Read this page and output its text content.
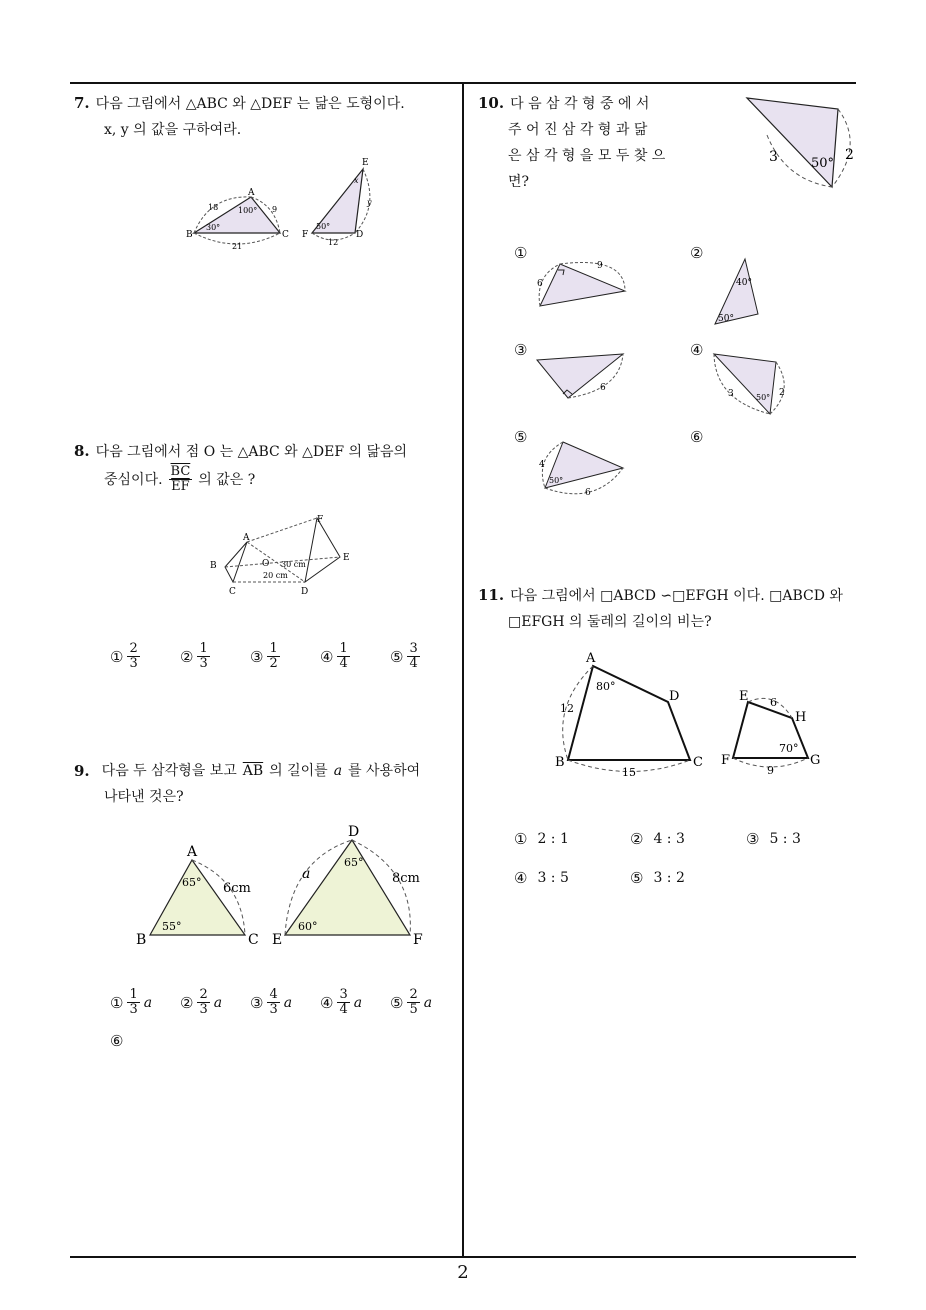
7. 다음 그림에서 △ABC 와 △DEF 는 닮은 도형이다.
x, y 의 값을 구하여라.
A
B	C	D
E
F
18	9
21
100°
30°	50°
12
x
y
8. 다음 그림에서 점 O 는 △ABC 와 △DEF 의 닮음의
중심이다. $\frac{\overline{BC}}{EF}$ 의 값은 ?
A
B
C	D
E
F
O 30 cm
20 cm
① $\frac{2}{3}$	② $\frac{1}{3}$	③ $\frac{1}{2}$	④ $\frac{1}{4}$	⑤ $\frac{3}{4}$
9. 다음 두 삼각형을 보고 $\overline{AB}$ 의 길이를 a 를 사용하여
나타낸 것은?
A
B	C
D
E	F
65°
55°
6cm
65°
60°
a	8cm
① $\frac{1}{3}$ a ② $\frac{2}{3}$ a ③ $\frac{4}{3}$ a ④ $\frac{3}{4}$ a ⑤ $\frac{2}{5}$ a
⑥
10. 다 음 삼 각 형 중 에 서
주 어 진 삼 각 형 과 닮
은 삼 각 형 을 모 두 찾 으
면?
3	2
50°
①
6
9
②
40°
50°
③
6
④
3	50° 2
⑤
4
50°
6
⑥
11. 다음 그림에서 □ABCD ∽□EFGH 이다. □ABCD 와
□EFGH 의 둘레의 길이의 비는?
A
B	C
D	E
F	G
H
12
15
80°
6
9
70°
① 2 : 1	② 4 : 3	③ 5 : 3
④ 3 : 5	⑤ 3 : 2
2
